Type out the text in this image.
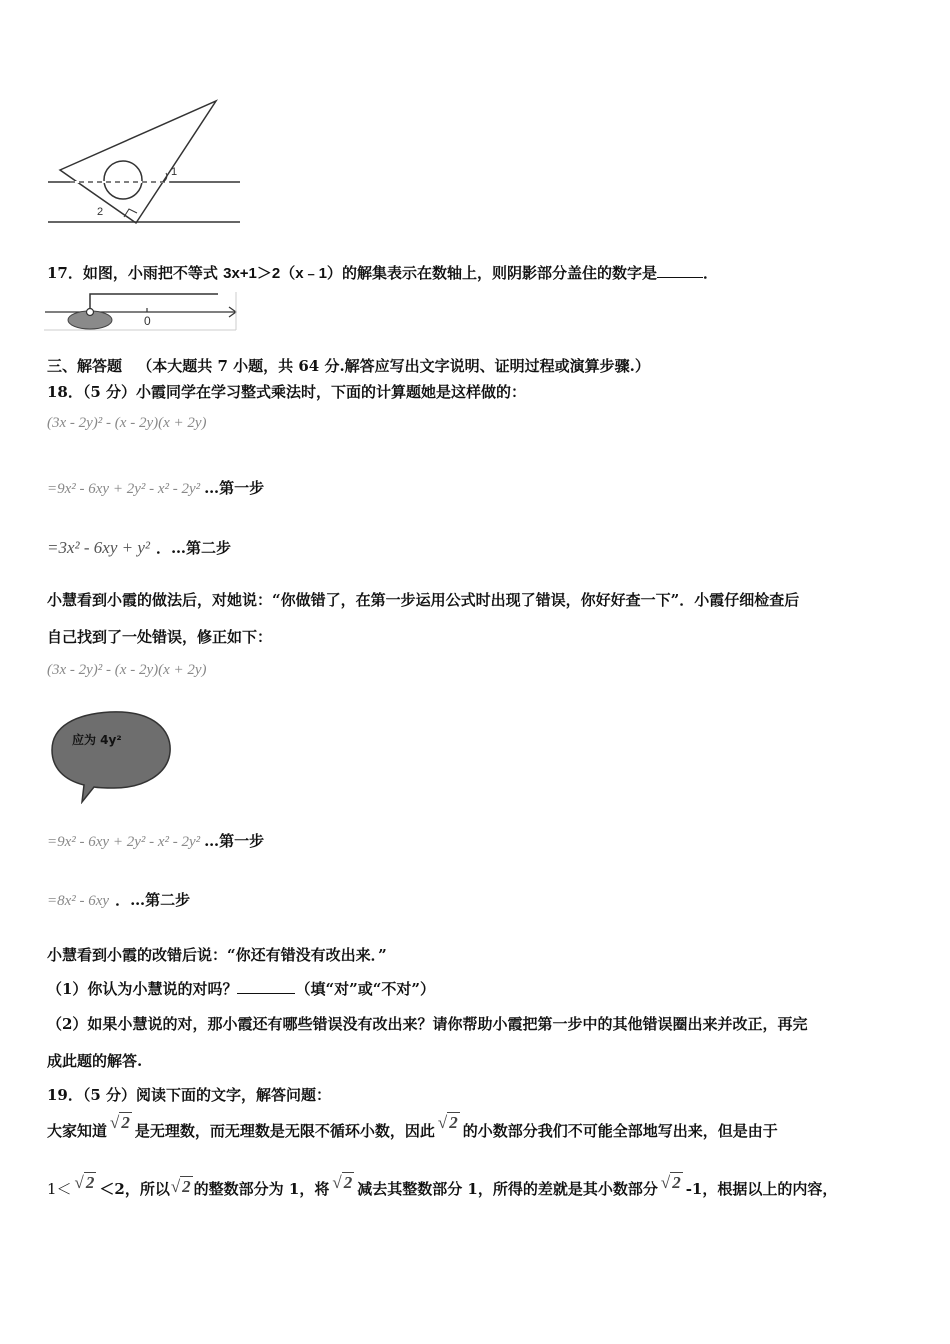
1
2
17．如图，小雨把不等式 3x+1＞2（x﹣1）的解集表示在数轴上，则阴影部分盖住的数字是	．
0
三、解答题 （本大题共 7 小题，共 64 分.解答应写出文字说明、证明过程或演算步骤.）
18．（5 分）小霞同学在学习整式乘法时，下面的计算题她是这样做的：
(3x - 2y)² - (x - 2y)(x + 2y)
=9x² - 6xy + 2y² - x² - 2y² …第一步
=3x² - 6xy + y² ．…第二步
小慧看到小霞的做法后，对她说：“你做错了，在第一步运用公式时出现了错误，你好好查一下”．小霞仔细检查后
自己找到了一处错误，修正如下：
(3x - 2y)² - (x - 2y)(x + 2y)
应为 4y²
=9x² - 6xy + 2y² - x² - 2y² …第一步
=8x² - 6xy ．…第二步
小慧看到小霞的改错后说：“你还有错没有改出来．”
（1）你认为小慧说的对吗？	（填“对”或“不对”）
（2）如果小慧说的对，那小霞还有哪些错误没有改出来？请你帮助小霞把第一步中的其他错误圈出来并改正，再完
成此题的解答.
19．（5 分）阅读下面的文字，解答问题：
大家知道 √ 2 是无理数，而无理数是无限不循环小数，因此 √ 2 的小数部分我们不可能全部地写出来，但是由于
1＜ √ 2 ＜2，所以√ 2 的整数部分为 1，将 √ 2 减去其整数部分 1，所得的差就是其小数部分 √ 2 -1，根据以上的内容，
